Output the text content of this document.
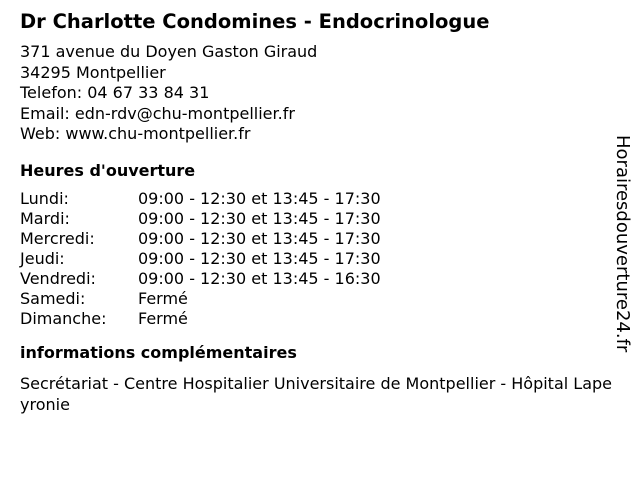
Dr Charlotte Condomines - Endocrinologue
371 avenue du Doyen Gaston Giraud
34295 Montpellier
Telefon: 04 67 33 84 31
Email: edn-rdv@chu-montpellier.fr
Web: www.chu-montpellier.fr
Heures d'ouverture
Lundi:	09:00 - 12:30 et 13:45 - 17:30
Mardi:	09:00 - 12:30 et 13:45 - 17:30
Mercredi:	09:00 - 12:30 et 13:45 - 17:30
Jeudi:	09:00 - 12:30 et 13:45 - 17:30
Vendredi:	09:00 - 12:30 et 13:45 - 16:30
Samedi:	Fermé
Dimanche:	Fermé
informations complémentaires
Secrétariat - Centre Hospitalier Universitaire de Montpellier - Hôpital Lapeyronie
Horairesdouverture24.fr
